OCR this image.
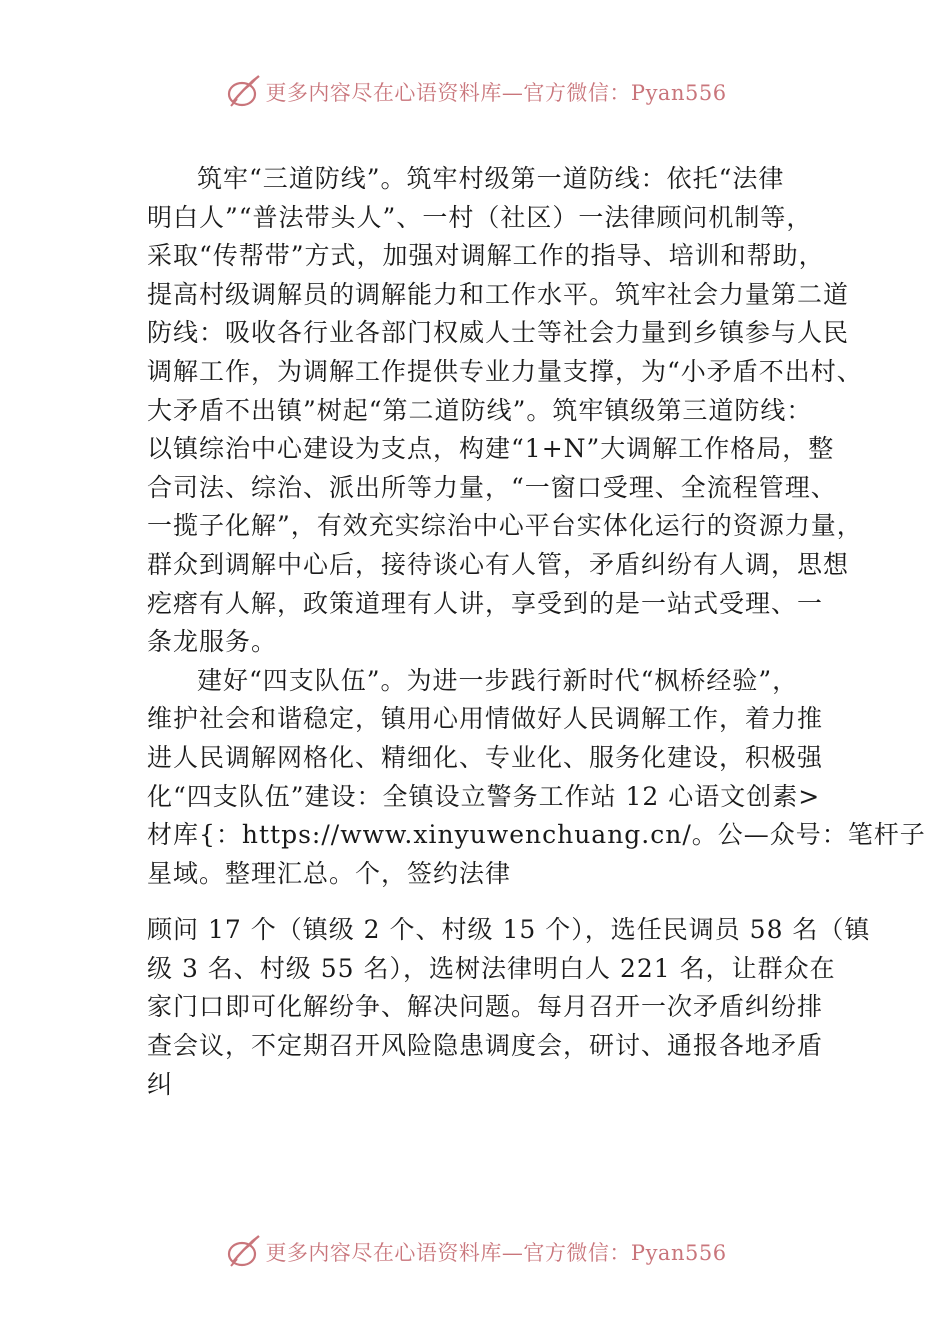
更多内容尽在心语资料库—官方微信：Pyan556
筑牢“三道防线”。筑牢村级第一道防线：依托“法律
明白人”“普法带头人”、一村（社区）一法律顾问机制等，
采取“传帮带”方式，加强对调解工作的指导、培训和帮助，
提高村级调解员的调解能力和工作水平。筑牢社会力量第二道
防线：吸收各行业各部门权威人士等社会力量到乡镇参与人民
调解工作，为调解工作提供专业力量支撑，为“小矛盾不出村、
大矛盾不出镇”树起“第二道防线”。筑牢镇级第三道防线：
以镇综治中心建设为支点，构建“1+N”大调解工作格局，整
合司法、综治、派出所等力量，“一窗口受理、全流程管理、
一揽子化解”，有效充实综治中心平台实体化运行的资源力量，
群众到调解中心后，接待谈心有人管，矛盾纠纷有人调，思想
疙瘩有人解，政策道理有人讲，享受到的是一站式受理、一
条龙服务。
建好“四支队伍”。为进一步践行新时代“枫桥经验”，
维护社会和谐稳定，镇用心用情做好人民调解工作，着力推
进人民调解网格化、精细化、专业化、服务化建设，积极强
化“四支队伍”建设：全镇设立警务工作站 12 心语文创素>
材库{：https://www.xinyuwenchuang.cn/。公—众号：笔杆子
星域。整理汇总。个，签约法律
顾问 17 个（镇级 2 个、村级 15 个），选任民调员 58 名（镇
级 3 名、村级 55 名），选树法律明白人 221 名，让群众在
家门口即可化解纷争、解决问题。每月召开一次矛盾纠纷排
查会议，不定期召开风险隐患调度会，研讨、通报各地矛盾
纠
更多内容尽在心语资料库—官方微信：Pyan556
